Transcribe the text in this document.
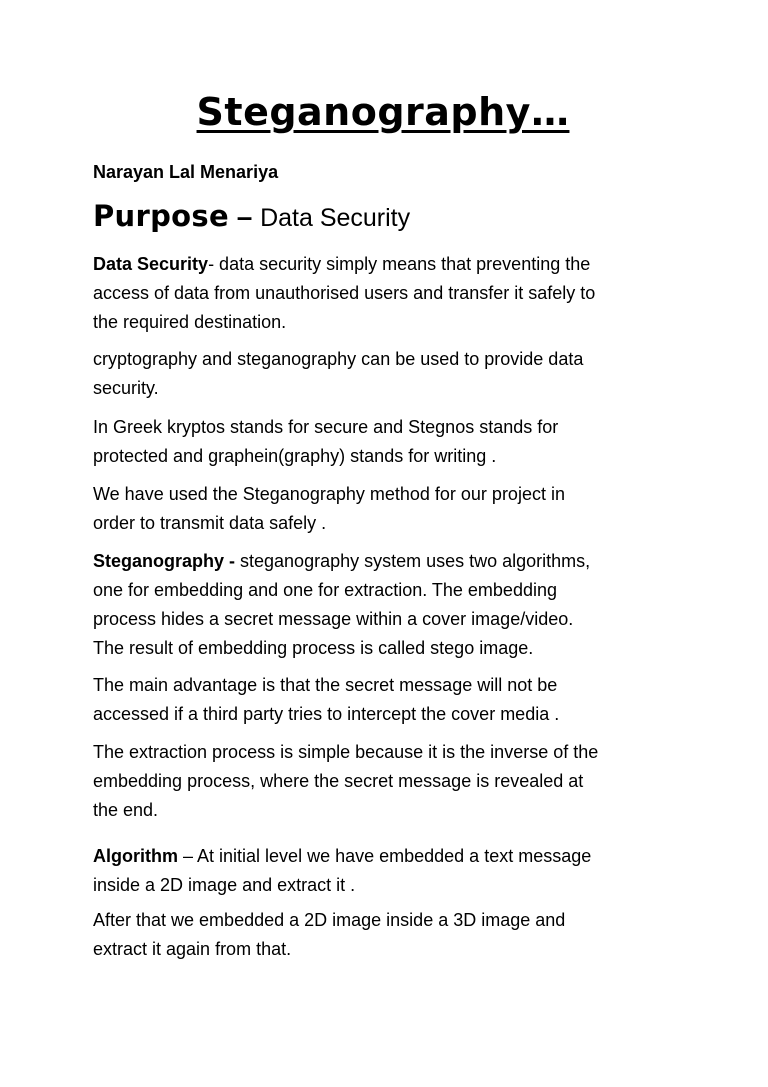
Steganography…

Narayan Lal Menariya

Purpose – Data Security

Data Security- data security simply means that preventing the
access of data from unauthorised users and transfer it safely to
the required destination.

cryptography and steganography can be used to provide data
security.

In Greek kryptos stands for secure and Stegnos stands for
protected and graphein(graphy) stands for writing .

We have used the Steganography method for our project in
order to transmit data safely .

Steganography - steganography system uses two algorithms,
one for embedding and one for extraction. The embedding
process hides a secret message within a cover image/video.
The result of embedding process is called stego image.

The main advantage is that the secret message will not be
accessed if a third party tries to intercept the cover media .

The extraction process is simple because it is the inverse of the
embedding process, where the secret message is revealed at
the end.

Algorithm – At initial level we have embedded a text message
inside a 2D image and extract it .

After that we embedded a 2D image inside a 3D image and
extract it again from that.
